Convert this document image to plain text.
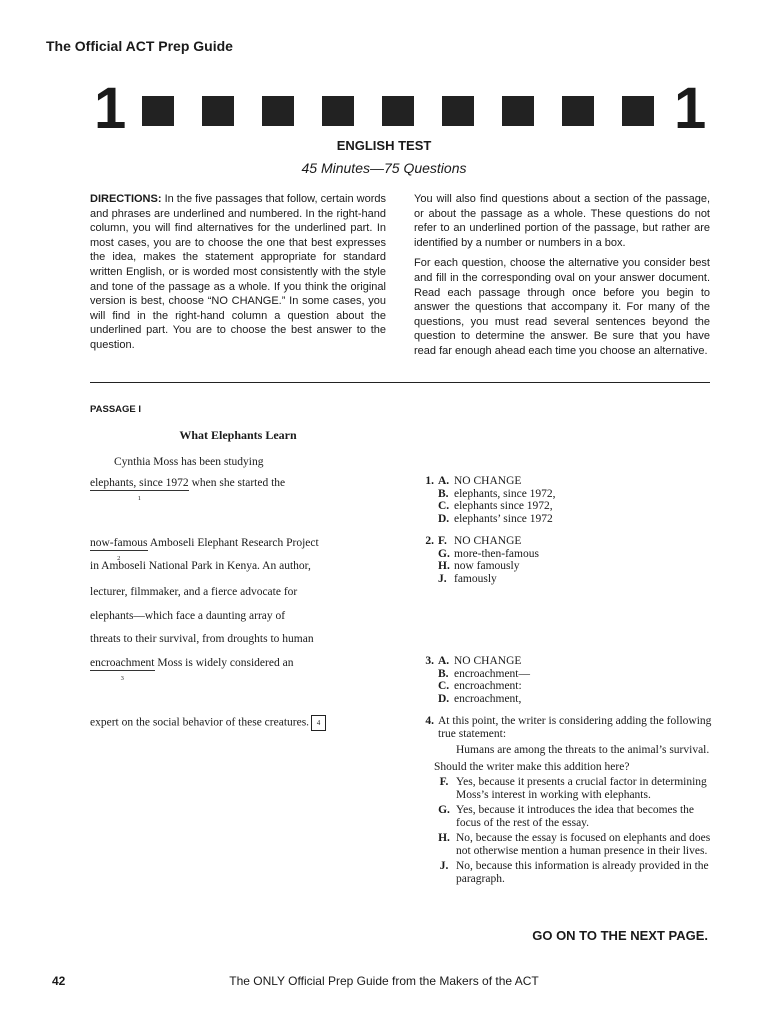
The Official ACT Prep Guide
1	1
ENGLISH TEST
45 Minutes—75 Questions
DIRECTIONS: In the five passages that follow, certain words and phrases are underlined and numbered. In the right-hand column, you will find alternatives for the underlined part. In most cases, you are to choose the one that best expresses the idea, makes the statement appropriate for standard written English, or is worded most consistently with the style and tone of the passage as a whole. If you think the original version is best, choose “NO CHANGE.” In some cases, you will find in the right-hand column a question about the underlined part. You are to choose the best answer to the question.

You will also find questions about a section of the passage, or about the passage as a whole. These questions do not refer to an underlined portion of the passage, but rather are identified by a number or numbers in a box.

For each question, choose the alternative you consider best and fill in the corresponding oval on your answer document. Read each passage through once before you begin to answer the questions that accompany it. For many of the questions, you must read several sentences beyond the question to determine the answer. Be sure that you have read far enough ahead each time you choose an alternative.

PASSAGE I
What Elephants Learn
Cynthia Moss has been studying
elephants, since 1972
1
when she started the
now-famous
2
Amboseli Elephant Research Project
in Amboseli National Park in Kenya. An author,
lecturer, filmmaker, and a fierce advocate for
elephants—which face a daunting array of
threats to their survival, from droughts to human
encroachment
3
Moss is widely considered an
expert on the social behavior of these creatures. 4
1. A. NO CHANGE
B. elephants, since 1972,
C. elephants since 1972,
D. elephants’ since 1972
2. F. NO CHANGE
G. more-then-famous
H. now famously
J. famously
3. A. NO CHANGE
B. encroachment—
C. encroachment:
D. encroachment,
4. At this point, the writer is considering adding the following true statement:
Humans are among the threats to the animal’s survival.
Should the writer make this addition here?
F. Yes, because it presents a crucial factor in determining Moss’s interest in working with elephants.
G. Yes, because it introduces the idea that becomes the focus of the rest of the essay.
H. No, because the essay is focused on elephants and does not otherwise mention a human presence in their lives.
J. No, because this information is already provided in the paragraph.
GO ON TO THE NEXT PAGE.
42	The ONLY Official Prep Guide from the Makers of the ACT
